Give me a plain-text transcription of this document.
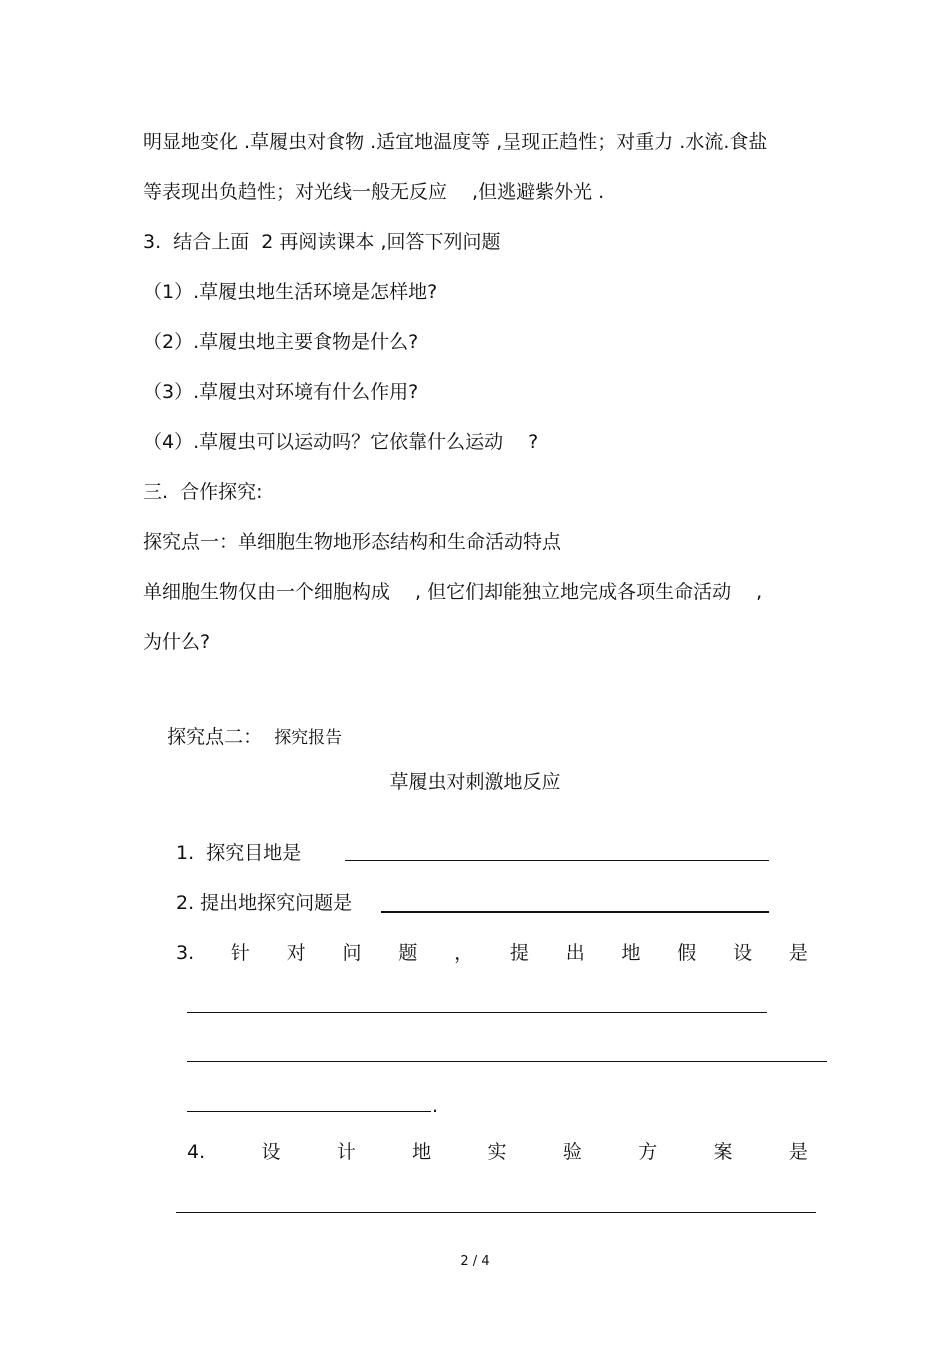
明显地变化 .草履虫对食物 .适宜地温度等 ,呈现正趋性；对重力 .水流.食盐
等表现出负趋性；对光线一般无反应　 ,但逃避紫外光 .
3.  结合上面  2 再阅读课本 ,回答下列问题
（1）.草履虫地生活环境是怎样地?
（2）.草履虫地主要食物是什么?
（3）.草履虫对环境有什么作用?
（4）.草履虫可以运动吗？它依靠什么运动　 ?
三.  合作探究:
探究点一：单细胞生物地形态结构和生命活动特点
单细胞生物仅由一个细胞构成　 , 但它们却能独立地完成各项生命活动　 ,
为什么?

探究点二： 探究报告

草履虫对刺激地反应
1.  探究目地是
2. 提出地探究问题是
3. 针 对 问 题 ， 提 出 地 假 设 是
.
4.	设	计	地	实	验	方	案	是
2 / 4
